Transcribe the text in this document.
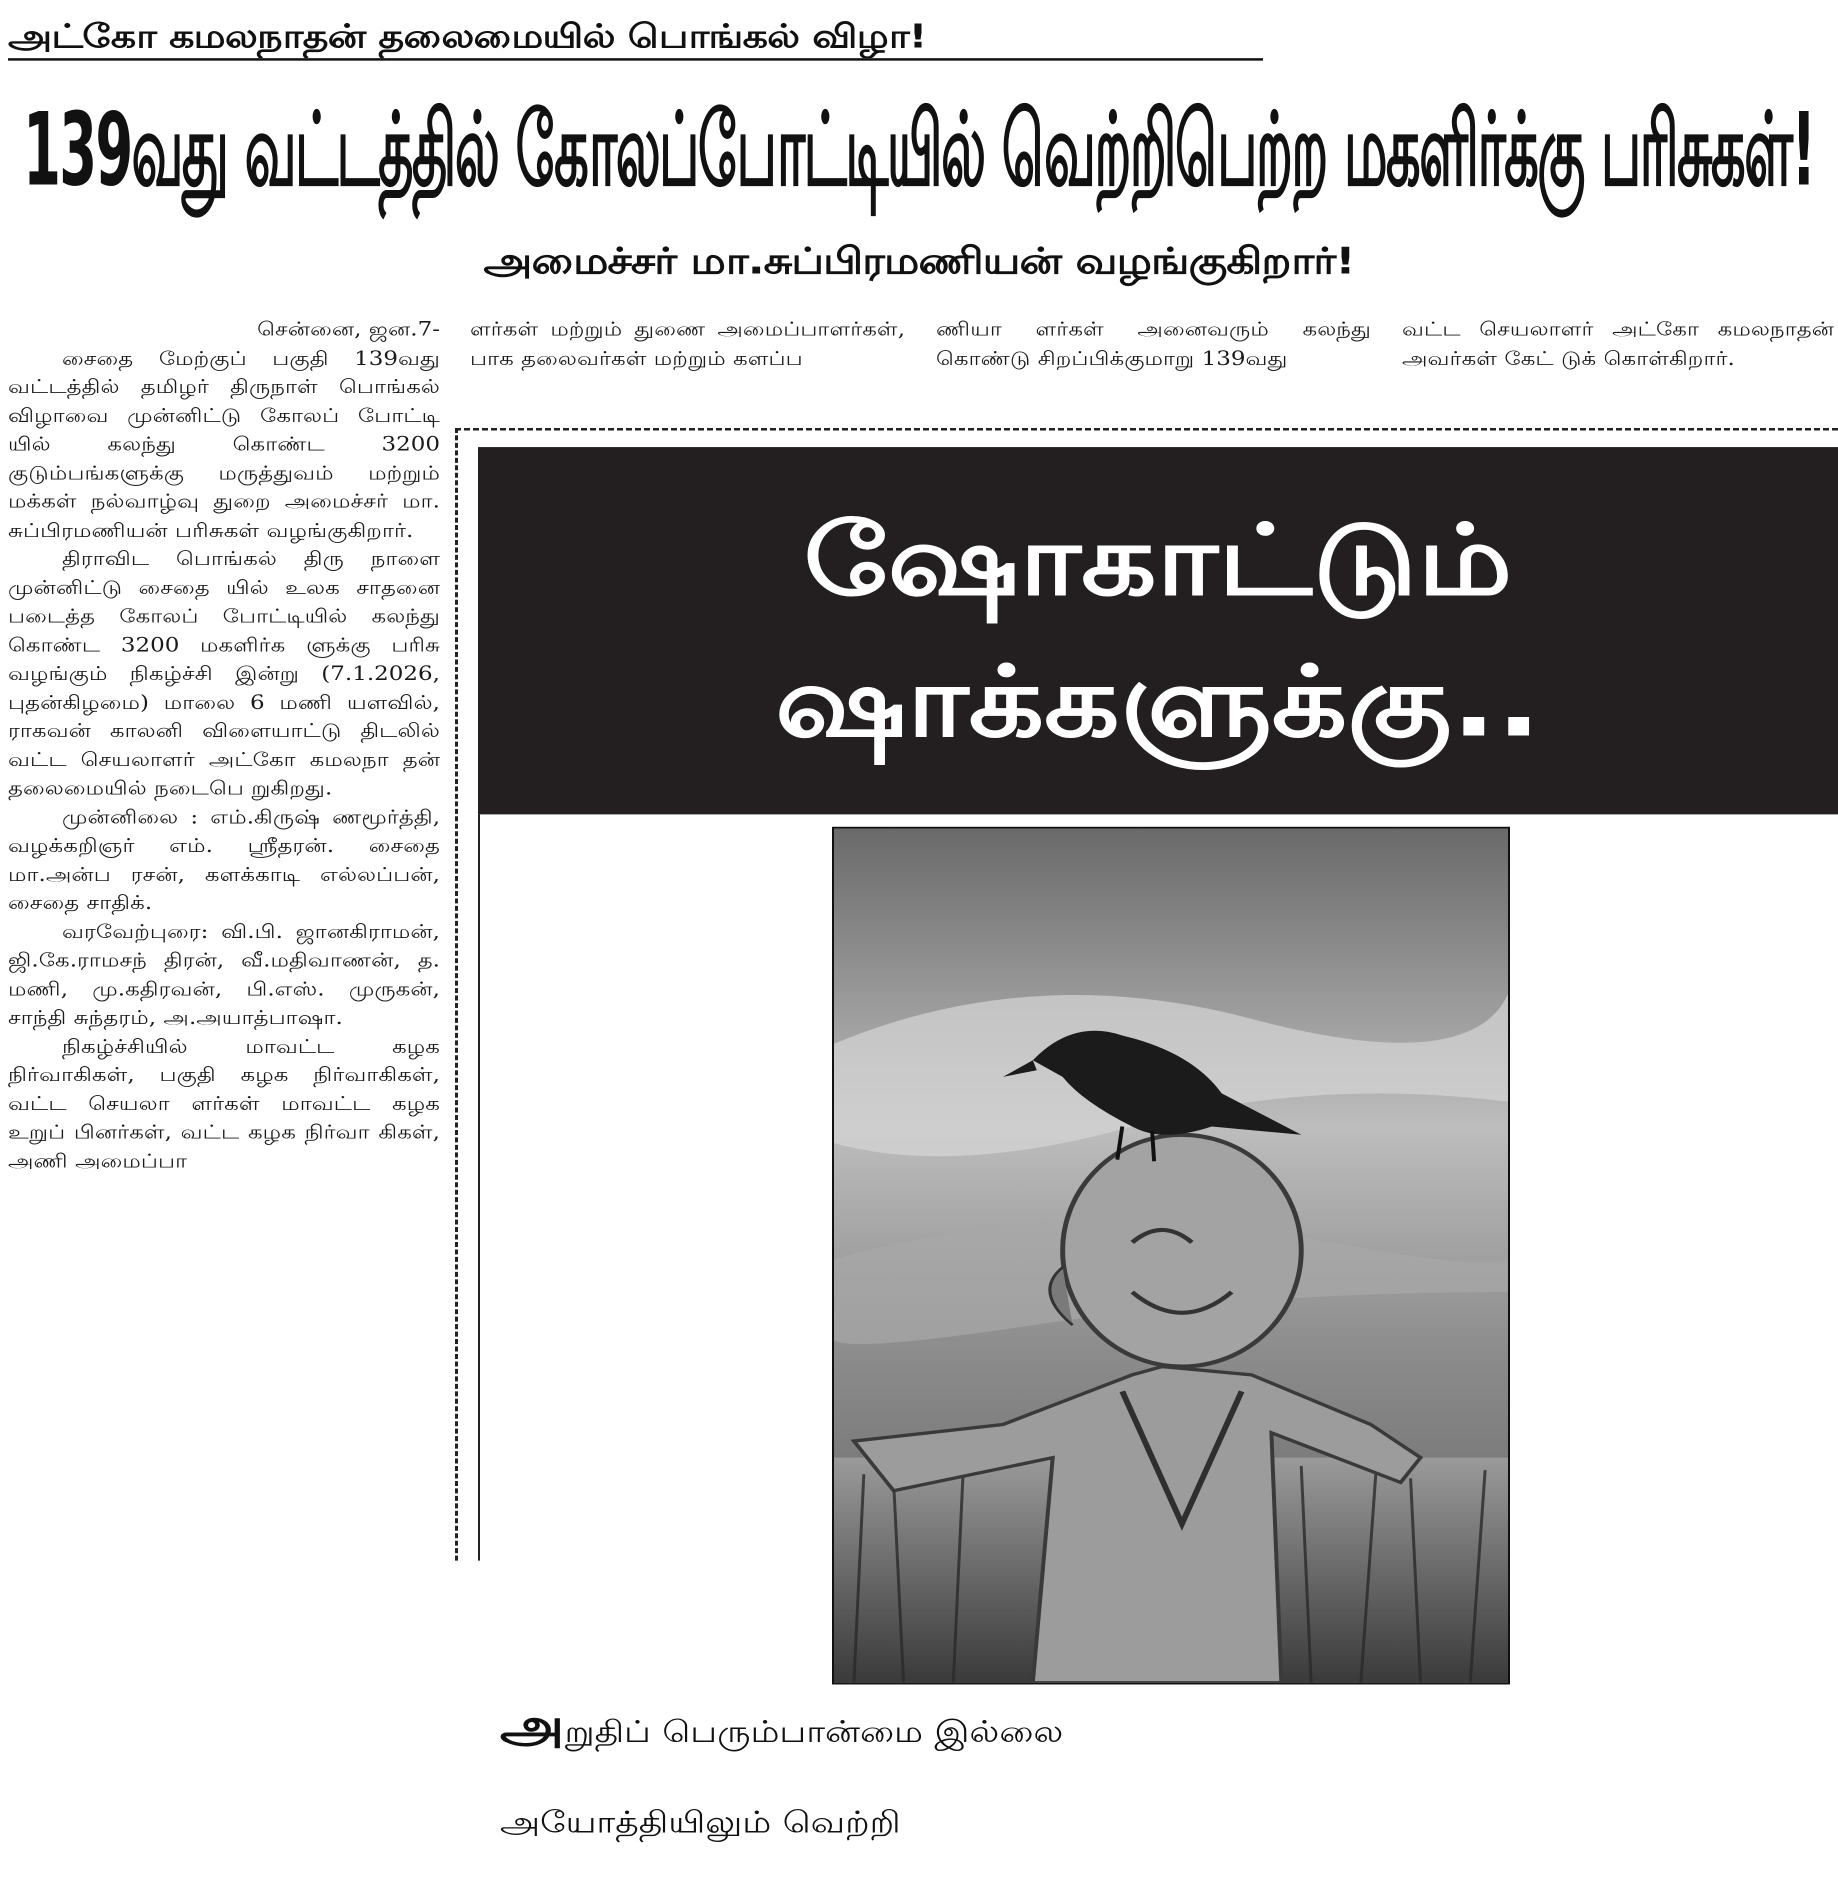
அட்கோ கமலநாதன் தலைமையில் பொங்கல் விழா!
139வது வட்டத்தில் கோலப்போட்டியில் வெற்றிபெற்ற மகளிர்க்கு பரிசுகள்!
அமைச்சர் மா.சுப்பிரமணியன் வழங்குகிறார்!

சென்னை, ஜன.7-

சைதை மேற்குப் பகுதி 139வது வட்டத்தில் தமிழர் திருநாள் பொங்கல் விழாவை முன்னிட்டு கோலப் போட்டி யில் கலந்து கொண்ட 3200 குடும்பங்களுக்கு மருத்துவம் மற்றும் மக்கள் நல்வாழ்வு துறை அமைச்சர் மா. சுப்பிரமணியன் பரிசுகள் வழங்குகிறார்.

திராவிட பொங்கல் திரு நாளை முன்னிட்டு சைதை யில் உலக சாதனை படைத்த கோலப் போட்டியில் கலந்து கொண்ட 3200 மகளிர்க ளுக்கு பரிசு வழங்கும் நிகழ்ச்சி இன்று (7.1.2026, புதன்கிழமை) மாலை 6 மணி யளவில், ராகவன் காலனி விளையாட்டு திடலில் வட்ட செயலாளர் அட்கோ கமலநா தன் தலைமையில் நடைபெ றுகிறது.

முன்னிலை : எம்.கிருஷ் ணமூர்த்தி, வழக்கறிஞர் எம். ஸ்ரீதரன். சைதை மா.அன்ப ரசன், களக்காடி எல்லப்பன், சைதை சாதிக்.

வரவேற்புரை: வி.பி. ஜானகிராமன், ஜி.கே.ராமசந் திரன், வீ.மதிவாணன், த. மணி, மு.கதிரவன், பி.எஸ். முருகன், சாந்தி சுந்தரம், அ.அயாத்பாஷா.

நிகழ்ச்சியில் மாவட்ட கழக நிர்வாகிகள், பகுதி கழக நிர்வாகிகள், வட்ட செயலா ளர்கள் மாவட்ட கழக உறுப் பினர்கள், வட்ட கழக நிர்வா கிகள், அணி அமைப்பா

ளர்கள் மற்றும் துணை அமைப்பாளர்கள், பாக தலைவர்கள் மற்றும் களப்ப

ணியா ளர்கள் அனைவரும் கலந்து கொண்டு சிறப்பிக்குமாறு 139வது

வட்ட செயலாளர் அட்கோ கமலநாதன் அவர்கள் கேட் டுக் கொள்கிறார்.

ஷோகாட்டும்
ஷாக்களுக்கு..
அறுதிப் பெரும்பான்மை இல்லை
அயோத்தியிலும் வெற்றி
